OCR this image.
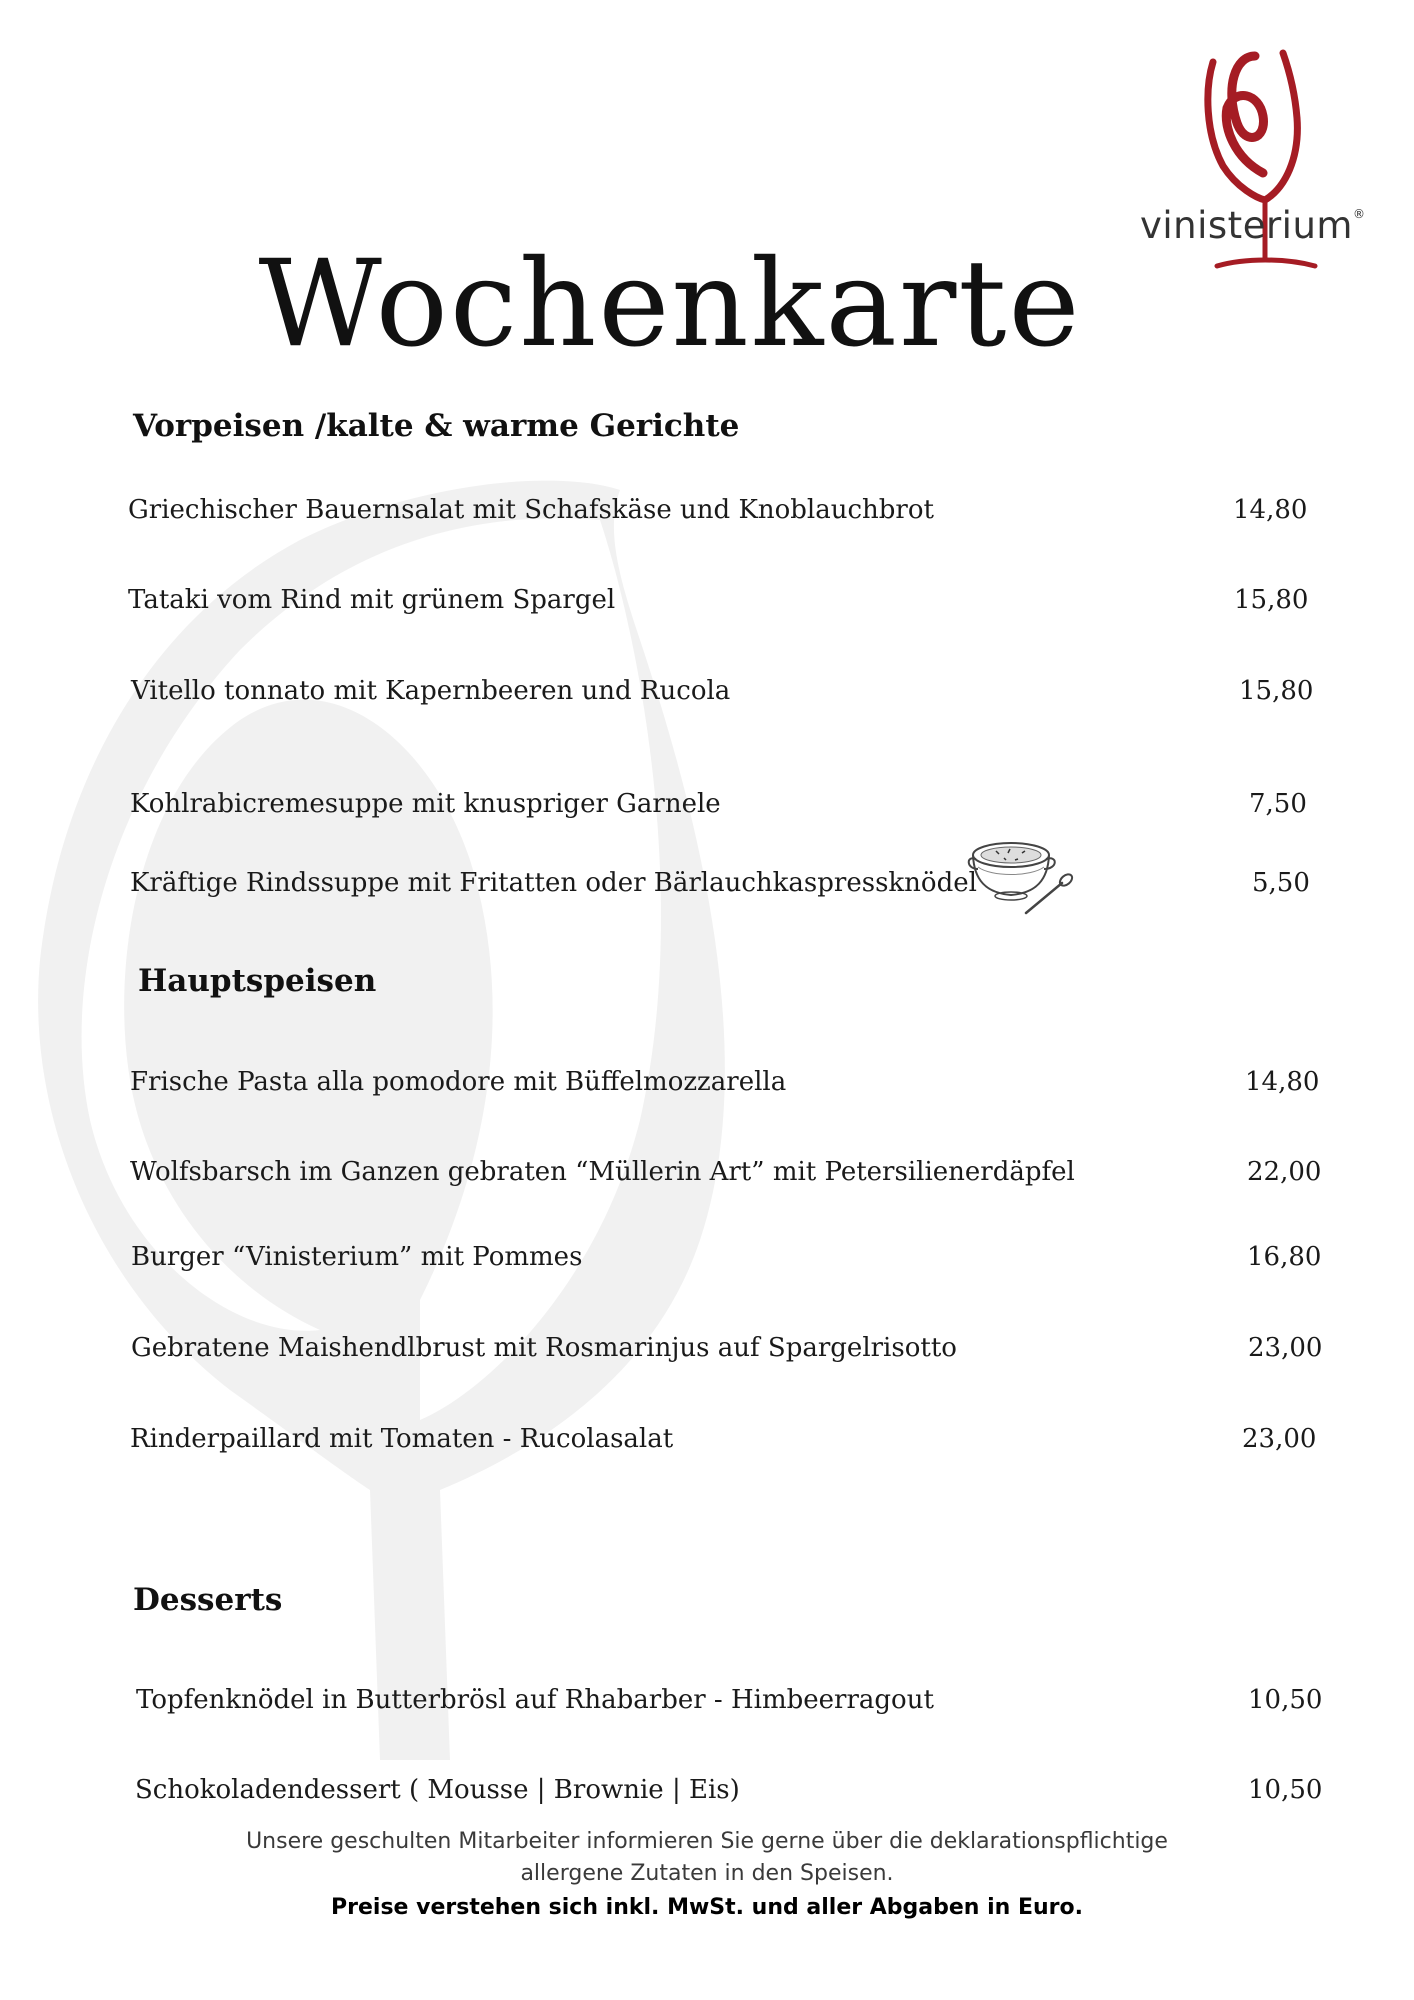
vinisterium®
Wochenkarte
Vorpeisen /kalte & warme Gerichte
Griechischer Bauernsalat mit Schafskäse und Knoblauchbrot	14,80
Tataki vom Rind mit grünem Spargel	15,80
Vitello tonnato mit Kapernbeeren und Rucola	15,80
Kohlrabicremesuppe mit knuspriger Garnele	7,50
Kräftige Rindssuppe mit Fritatten oder Bärlauchkaspressknödel	5,50
Hauptspeisen
Frische Pasta alla pomodore mit Büffelmozzarella	14,80
Wolfsbarsch im Ganzen gebraten “Müllerin Art” mit Petersilienerdäpfel	22,00
Burger “Vinisterium” mit Pommes	16,80
Gebratene Maishendlbrust mit Rosmarinjus auf Spargelrisotto	23,00
Rinderpaillard mit Tomaten - Rucolasalat	23,00
Desserts
Topfenknödel in Butterbrösl auf Rhabarber - Himbeerragout	10,50
Schokoladendessert ( Mousse | Brownie | Eis)	10,50
Unsere geschulten Mitarbeiter informieren Sie gerne über die deklarationspflichtige
allergene Zutaten in den Speisen.
Preise verstehen sich inkl. MwSt. und aller Abgaben in Euro.
